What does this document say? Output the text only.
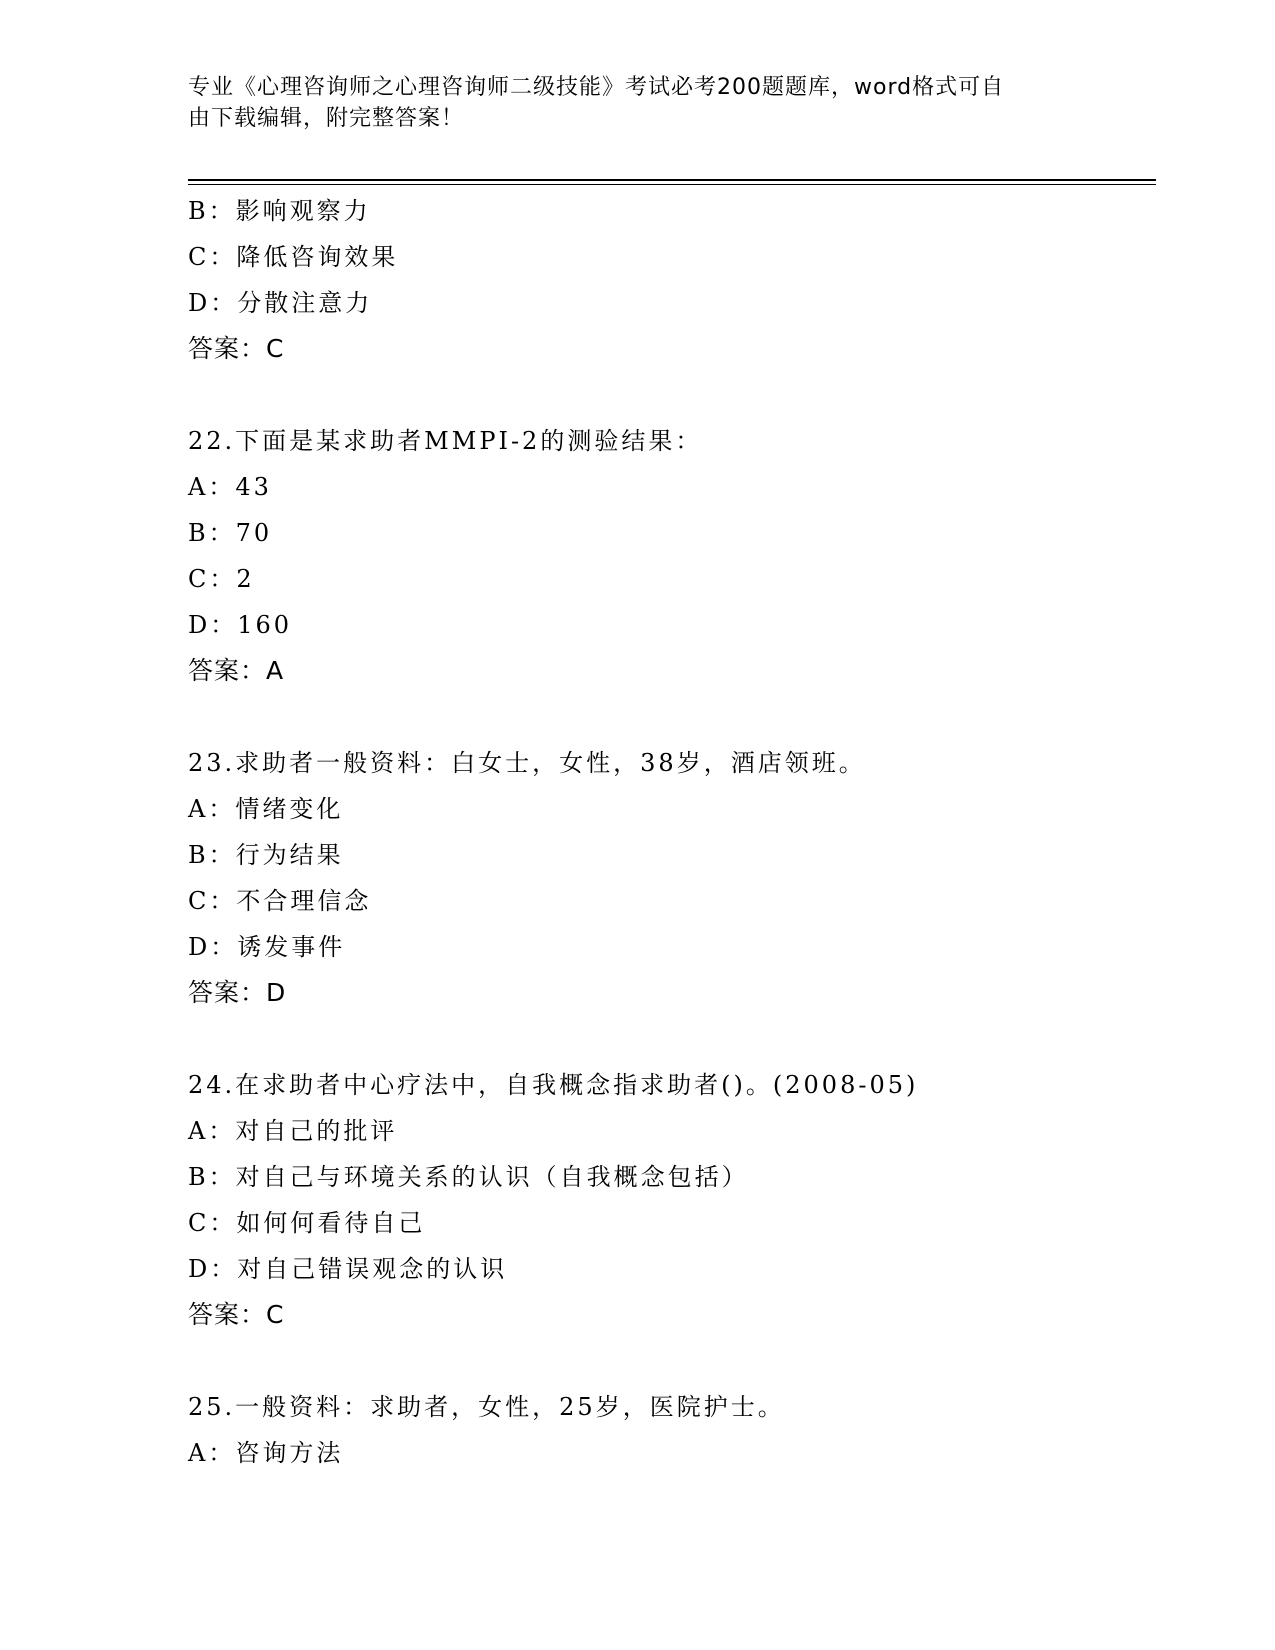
专业《心理咨询师之心理咨询师二级技能》考试必考200题题库，word格式可自
由下载编辑，附完整答案！
B：影响观察力
C：降低咨询效果
D：分散注意力
答案：C
22.下面是某求助者MMPI-2的测验结果：
A：43
B：70
C：2
D：160
答案：A
23.求助者一般资料：白女士，女性，38岁，酒店领班。
A：情绪变化
B：行为结果
C：不合理信念
D：诱发事件
答案：D
24.在求助者中心疗法中，自我概念指求助者()。(2008-05)
A：对自己的批评
B：对自己与环境关系的认识（自我概念包括）
C：如何何看待自己
D：对自己错误观念的认识
答案：C
25.一般资料：求助者，女性，25岁，医院护士。
A：咨询方法
